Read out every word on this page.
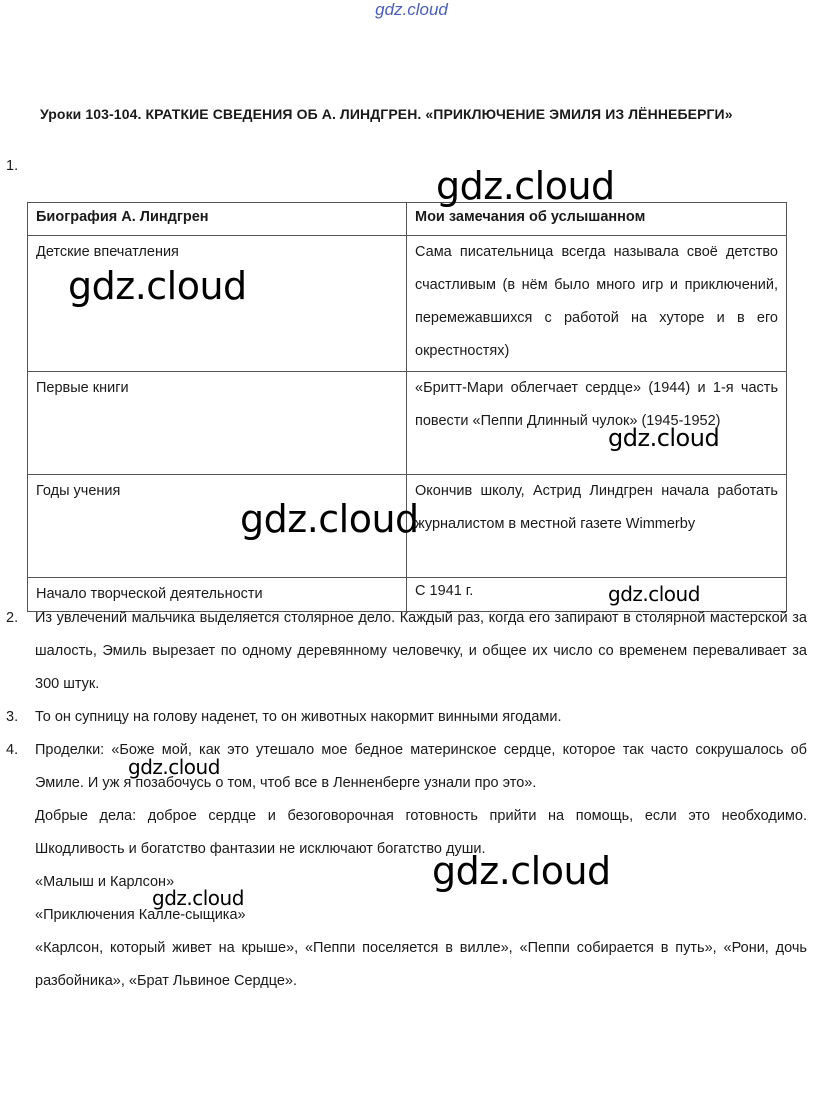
gdz.cloud
Уроки 103-104. КРАТКИЕ СВЕДЕНИЯ ОБ А. ЛИНДГРЕН. «ПРИКЛЮЧЕНИЕ ЭМИЛЯ ИЗ ЛЁННЕБЕРГИ»
1.
Биография А. Линдгрен	Мои замечания об услышанном
Детские впечатления	Сама писательница всегда называла своё детство счастливым (в нём было много игр и приключений, перемежавшихся с работой на хуторе и в его окрестностях)
Первые книги	«Бритт-Мари облегчает сердце» (1944) и 1-я часть повести «Пеппи Длинный чулок» (1945-1952)
Годы учения	Окончив школу, Астрид Линдгрен начала работать журналистом в местной газете Wimmerby
Начало творческой деятельности	С 1941 г.
2. Из увлечений мальчика выделяется столярное дело. Каждый раз, когда его запирают в столярной мастерской за шалость, Эмиль вырезает по одному деревянному человечку, и общее их число со временем переваливает за 300 штук.
3. То он супницу на голову наденет, то он животных накормит винными ягодами.
4. Проделки: «Боже мой, как это утешало мое бедное материнское сердце, которое так часто сокрушалось об Эмиле. И уж я позабочусь о том, чтоб все в Ленненберге узнали про это».
Добрые дела: доброе сердце и безоговорочная готовность прийти на помощь, если это необходимо. Шкодливость и богатство фантазии не исключают богатство души.
«Малыш и Карлсон»
«Приключения Калле-сыщика»
«Карлсон, который живет на крыше», «Пеппи поселяется в вилле», «Пеппи собирается в путь», «Рони, дочь разбойника», «Брат Львиное Сердце».
gdz.cloud
gdz.cloud
gdz.cloud
gdz.cloud
gdz.cloud
gdz.cloud
gdz.cloud
gdz.cloud
